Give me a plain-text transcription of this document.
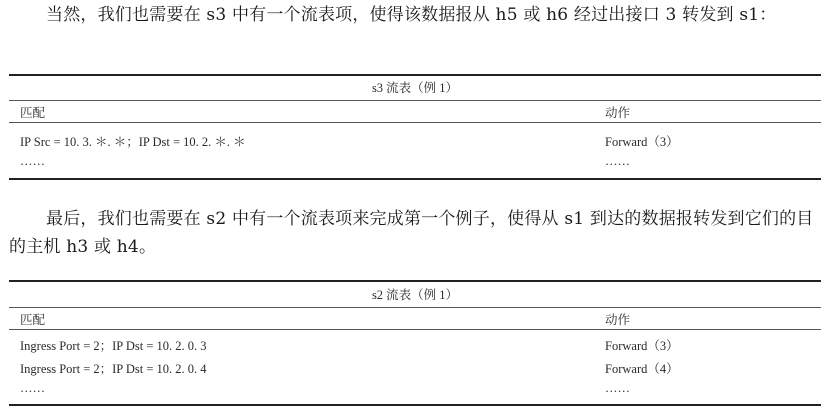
当然，我们也需要在 s3 中有一个流表项，使得该数据报从 h5 或 h6 经过出接口 3 转发到 s1：

s3 流表（例 1）
匹配	动作
IP Src = 10. 3. ＊. ＊；IP Dst = 10. 2. ＊. ＊	Forward（3）
……	……

最后，我们也需要在 s2 中有一个流表项来完成第一个例子，使得从 s1 到达的数据报转发到它们的目的主机 h3 或 h4。

s2 流表（例 1）
匹配	动作
Ingress Port = 2；IP Dst = 10. 2. 0. 3	Forward（3）
Ingress Port = 2；IP Dst = 10. 2. 0. 4	Forward（4）
……	……
